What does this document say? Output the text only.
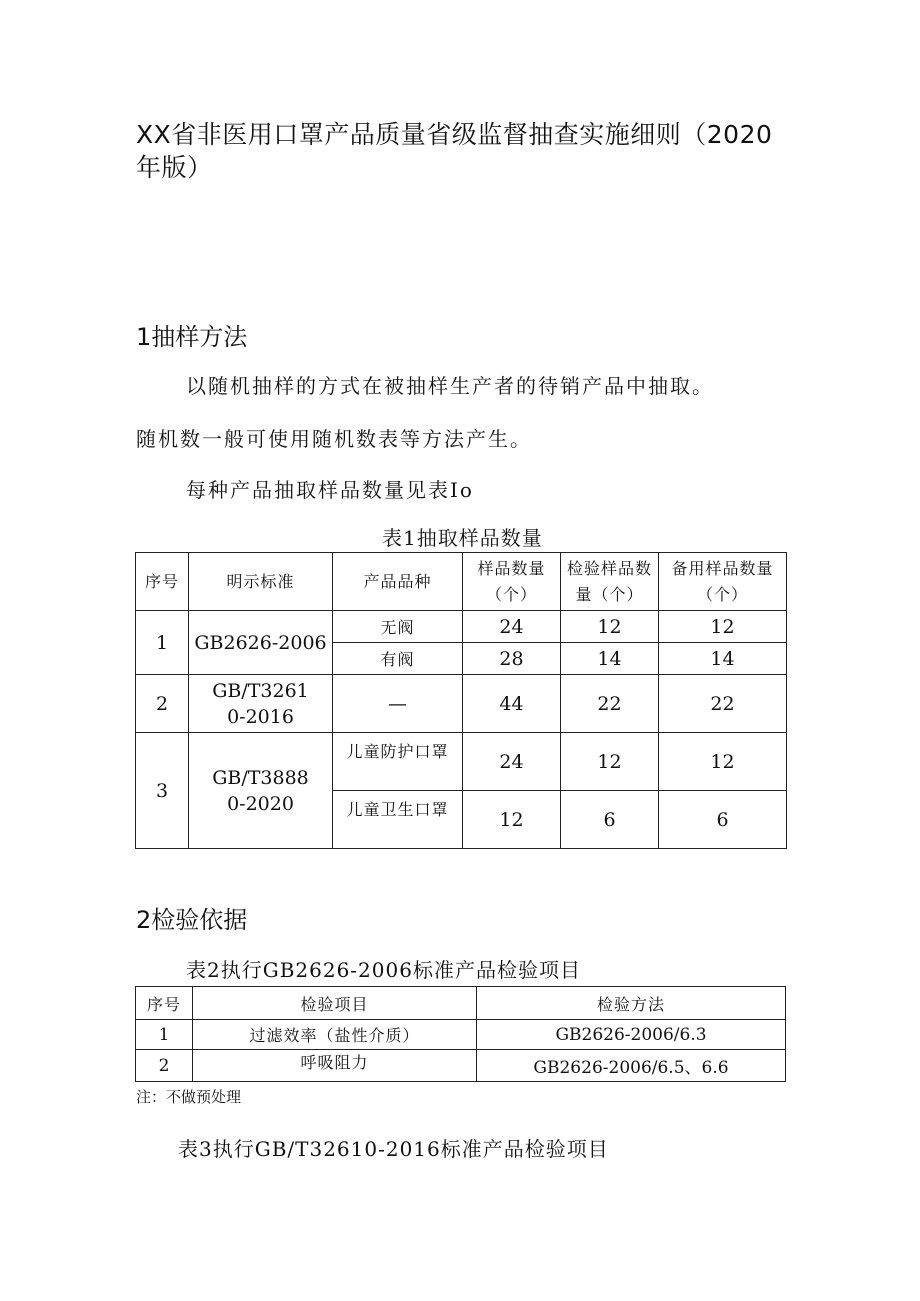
XX省非医用口罩产品质量省级监督抽查实施细则（2020年版）
1抽样方法
以随机抽样的方式在被抽样生产者的待销产品中抽取。
随机数一般可使用随机数表等方法产生。
每种产品抽取样品数量见表Io
表1抽取样品数量
序号	明示标准	产品品种	样品数量（个）	检验样品数量（个）	备用样品数量（个）
1	GB2626-2006	无阀	24	12	12
		有阀	28	14	14
2	GB/T32610-2016	—	44	22	22
3	GB/T38880-2020	儿童防护口罩	24	12	12
		儿童卫生口罩	12	6	6
2检验依据
表2执行GB2626-2006标准产品检验项目
序号	检验项目	检验方法
1	过滤效率（盐性介质）	GB2626-2006/6.3
2	呼吸阻力	GB2626-2006/6.5、6.6
注：不做预处理
表3执行GB/T32610-2016标准产品检验项目
